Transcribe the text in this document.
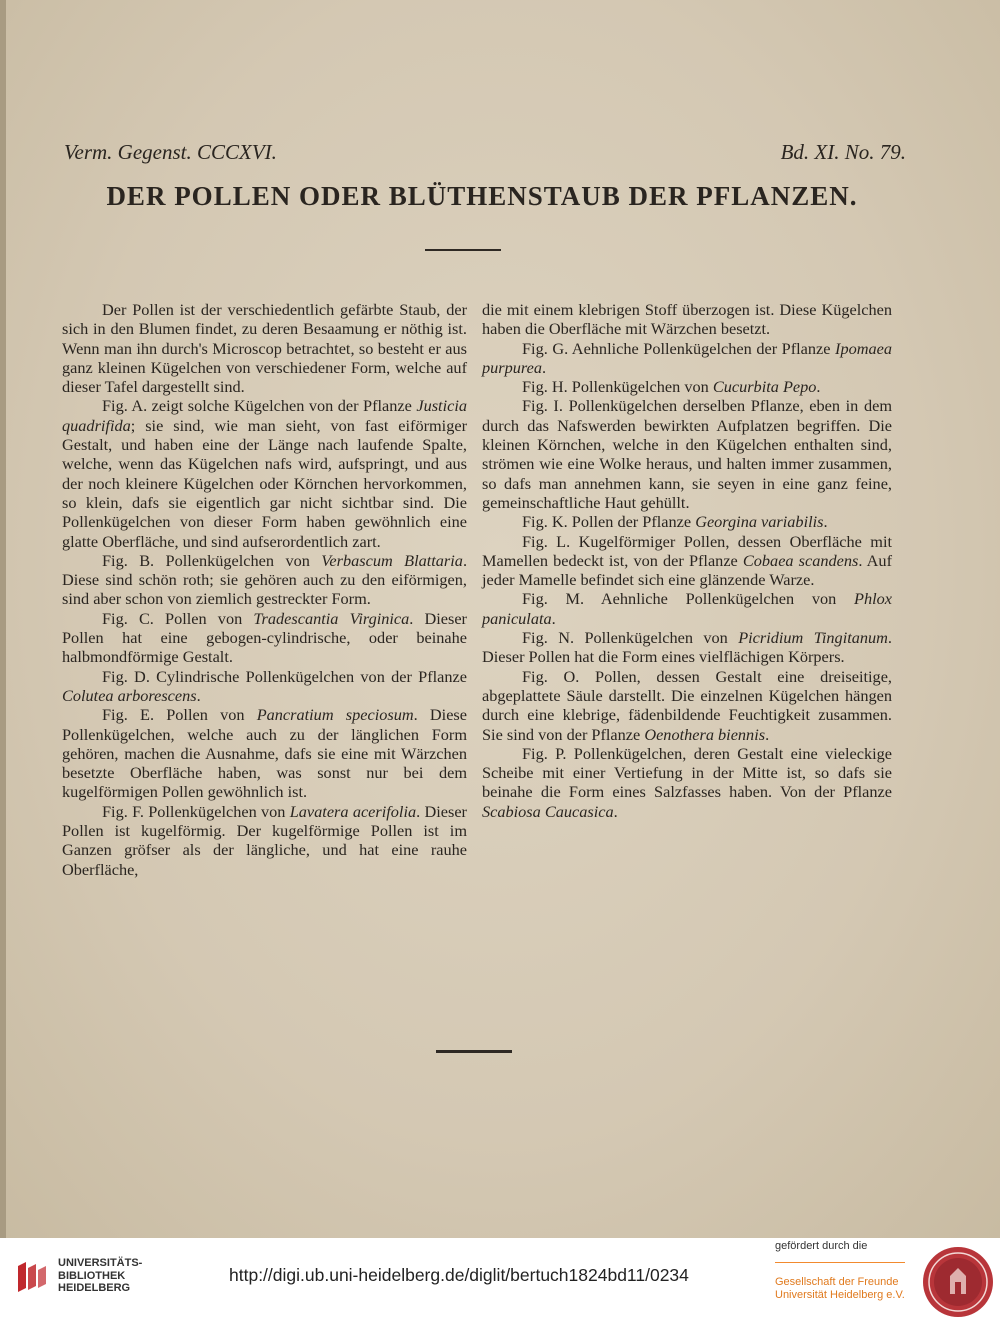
Verm. Gegenst. CCCXVI.	Bd. XI. No. 79.
DER POLLEN ODER BLÜTHENSTAUB DER PFLANZEN.

Der Pollen ist der verschiedentlich gefärbte Staub, der sich in den Blumen findet, zu deren Besaamung er nöthig ist. Wenn man ihn durch's Microscop betrachtet, so besteht er aus ganz kleinen Kügelchen von verschiedener Form, welche auf dieser Tafel dargestellt sind.

Fig. A. zeigt solche Kügelchen von der Pflanze Justicia quadrifida; sie sind, wie man sieht, von fast eiförmiger Gestalt, und haben eine der Länge nach laufende Spalte, welche, wenn das Kügelchen nafs wird, aufspringt, und aus der noch kleinere Kügelchen oder Körnchen hervorkommen, so klein, dafs sie eigentlich gar nicht sichtbar sind. Die Pollenkügelchen von dieser Form haben gewöhnlich eine glatte Oberfläche, und sind aufserordentlich zart.

Fig. B. Pollenkügelchen von Verbascum Blattaria. Diese sind schön roth; sie gehören auch zu den eiförmigen, sind aber schon von ziemlich gestreckter Form.

Fig. C. Pollen von Tradescantia Virginica. Dieser Pollen hat eine gebogen-cylindrische, oder beinahe halbmondförmige Gestalt.

Fig. D. Cylindrische Pollenkügelchen von der Pflanze Colutea arborescens.

Fig. E. Pollen von Pancratium speciosum. Diese Pollenkügelchen, welche auch zu der länglichen Form gehören, machen die Ausnahme, dafs sie eine mit Wärzchen besetzte Oberfläche haben, was sonst nur bei dem kugelförmigen Pollen gewöhnlich ist.

Fig. F. Pollenkügelchen von Lavatera acerifolia. Dieser Pollen ist kugelförmig. Der kugelförmige Pollen ist im Ganzen gröfser als der längliche, und hat eine rauhe Oberfläche,

die mit einem klebrigen Stoff überzogen ist. Diese Kügelchen haben die Oberfläche mit Wärzchen besetzt.

Fig. G. Aehnliche Pollenkügelchen der Pflanze Ipomaea purpurea.

Fig. H. Pollenkügelchen von Cucurbita Pepo.

Fig. I. Pollenkügelchen derselben Pflanze, eben in dem durch das Nafswerden bewirkten Aufplatzen begriffen. Die kleinen Körnchen, welche in den Kügelchen enthalten sind, strömen wie eine Wolke heraus, und halten immer zusammen, so dafs man annehmen kann, sie seyen in eine ganz feine, gemeinschaftliche Haut gehüllt.

Fig. K. Pollen der Pflanze Georgina variabilis.

Fig. L. Kugelförmiger Pollen, dessen Oberfläche mit Mamellen bedeckt ist, von der Pflanze Cobaea scandens. Auf jeder Mamelle befindet sich eine glänzende Warze.

Fig. M. Aehnliche Pollenkügelchen von Phlox paniculata.

Fig. N. Pollenkügelchen von Picridium Tingitanum. Dieser Pollen hat die Form eines vielflächigen Körpers.

Fig. O. Pollen, dessen Gestalt eine dreiseitige, abgeplattete Säule darstellt. Die einzelnen Kügelchen hängen durch eine klebrige, fädenbildende Feuchtigkeit zusammen. Sie sind von der Pflanze Oenothera biennis.

Fig. P. Pollenkügelchen, deren Gestalt eine vieleckige Scheibe mit einer Vertiefung in der Mitte ist, so dafs sie beinahe die Form eines Salzfasses haben. Von der Pflanze Scabiosa Caucasica.

UNIVERSITÄTS-
BIBLIOTHEK
HEIDELBERG
http://digi.ub.uni-heidelberg.de/diglit/bertuch1824bd11/0234
gefördert durch die
Gesellschaft der Freunde
Universität Heidelberg e.V.
